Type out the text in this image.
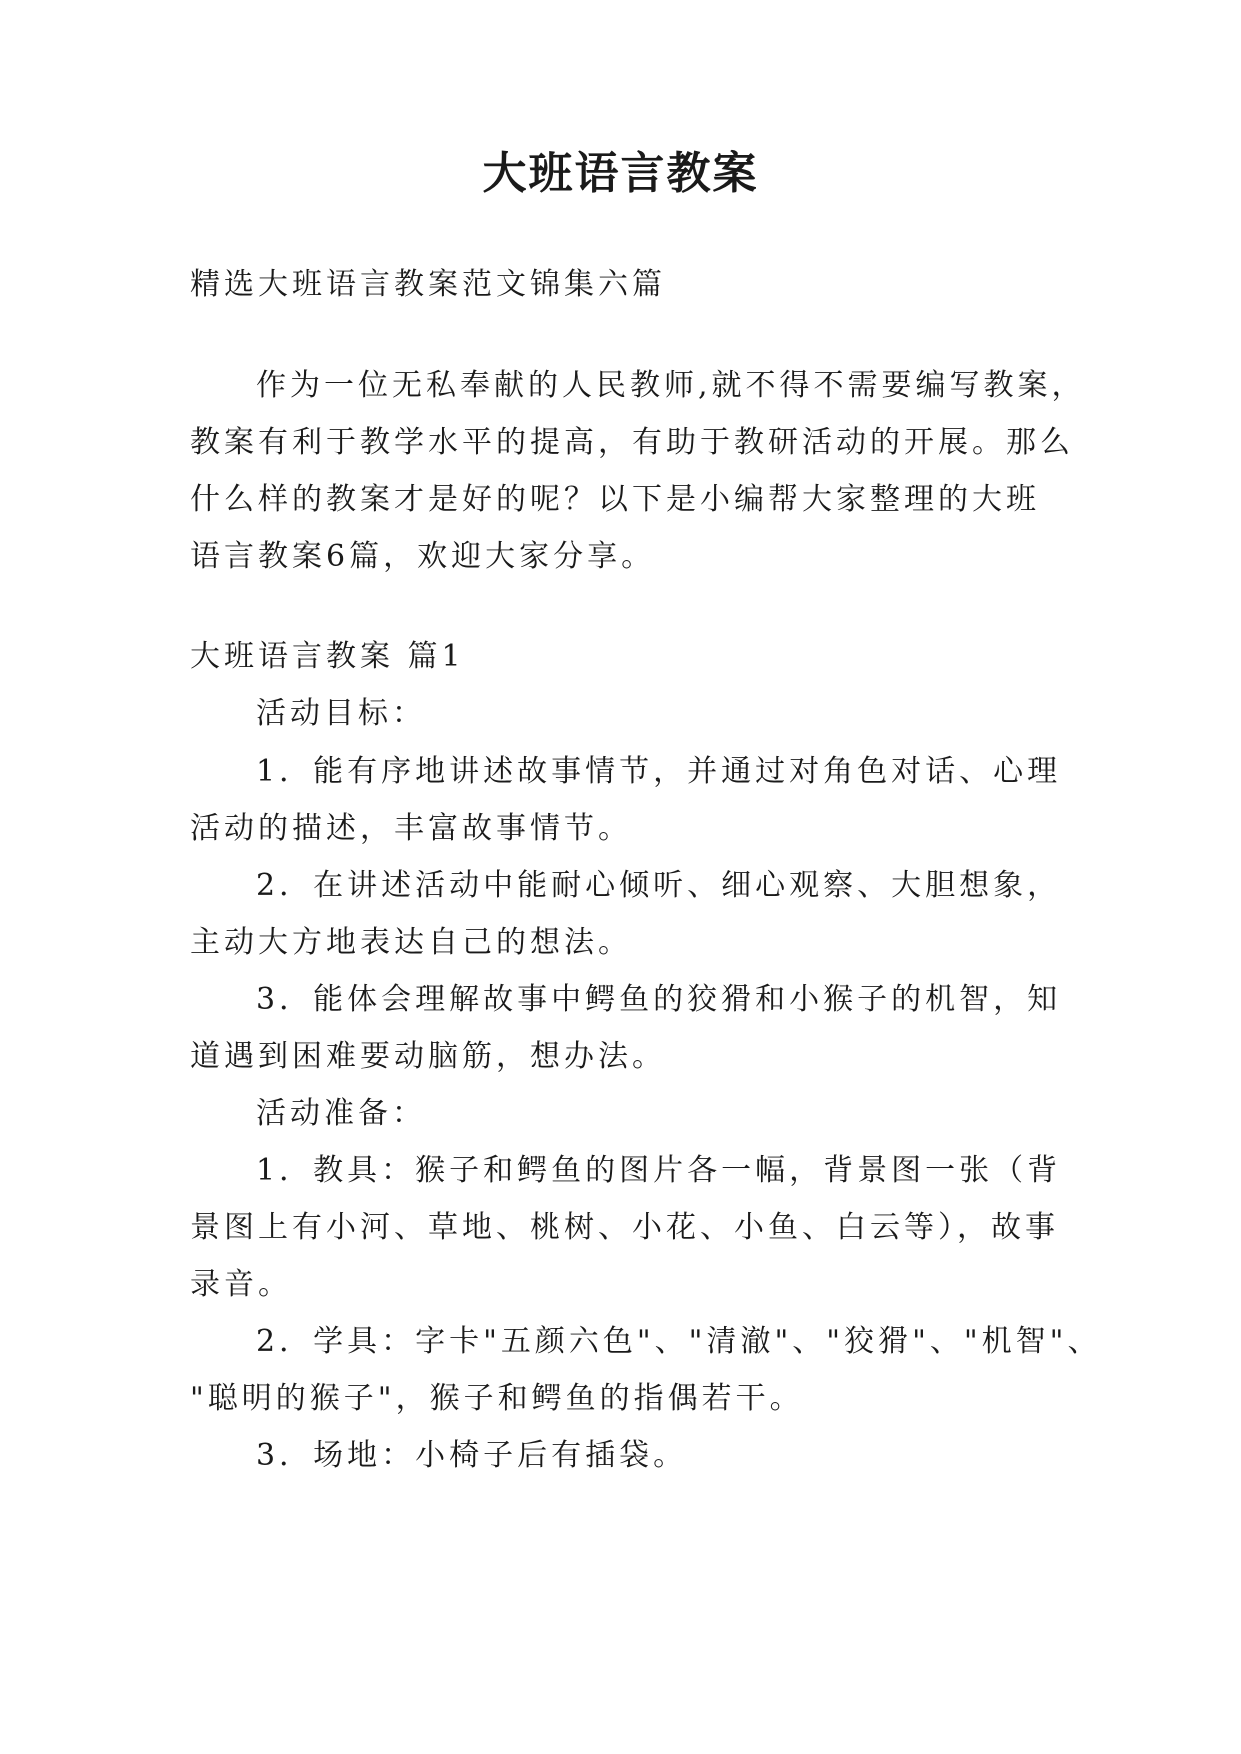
大班语言教案
精选大班语言教案范文锦集六篇
作为一位无私奉献的人民教师,就不得不需要编写教案，
教案有利于教学水平的提高，有助于教研活动的开展。那么
什么样的教案才是好的呢？以下是小编帮大家整理的大班
语言教案6篇，欢迎大家分享。
大班语言教案 篇1
活动目标：
1．能有序地讲述故事情节，并通过对角色对话、心理
活动的描述，丰富故事情节。
2．在讲述活动中能耐心倾听、细心观察、大胆想象，
主动大方地表达自己的想法。
3．能体会理解故事中鳄鱼的狡猾和小猴子的机智，知
道遇到困难要动脑筋，想办法。
活动准备：
1．教具：猴子和鳄鱼的图片各一幅，背景图一张（背
景图上有小河、草地、桃树、小花、小鱼、白云等），故事
录音。
2．学具：字卡"五颜六色"、"清澈"、"狡猾"、"机智"、
"聪明的猴子"，猴子和鳄鱼的指偶若干。
3．场地：小椅子后有插袋。
